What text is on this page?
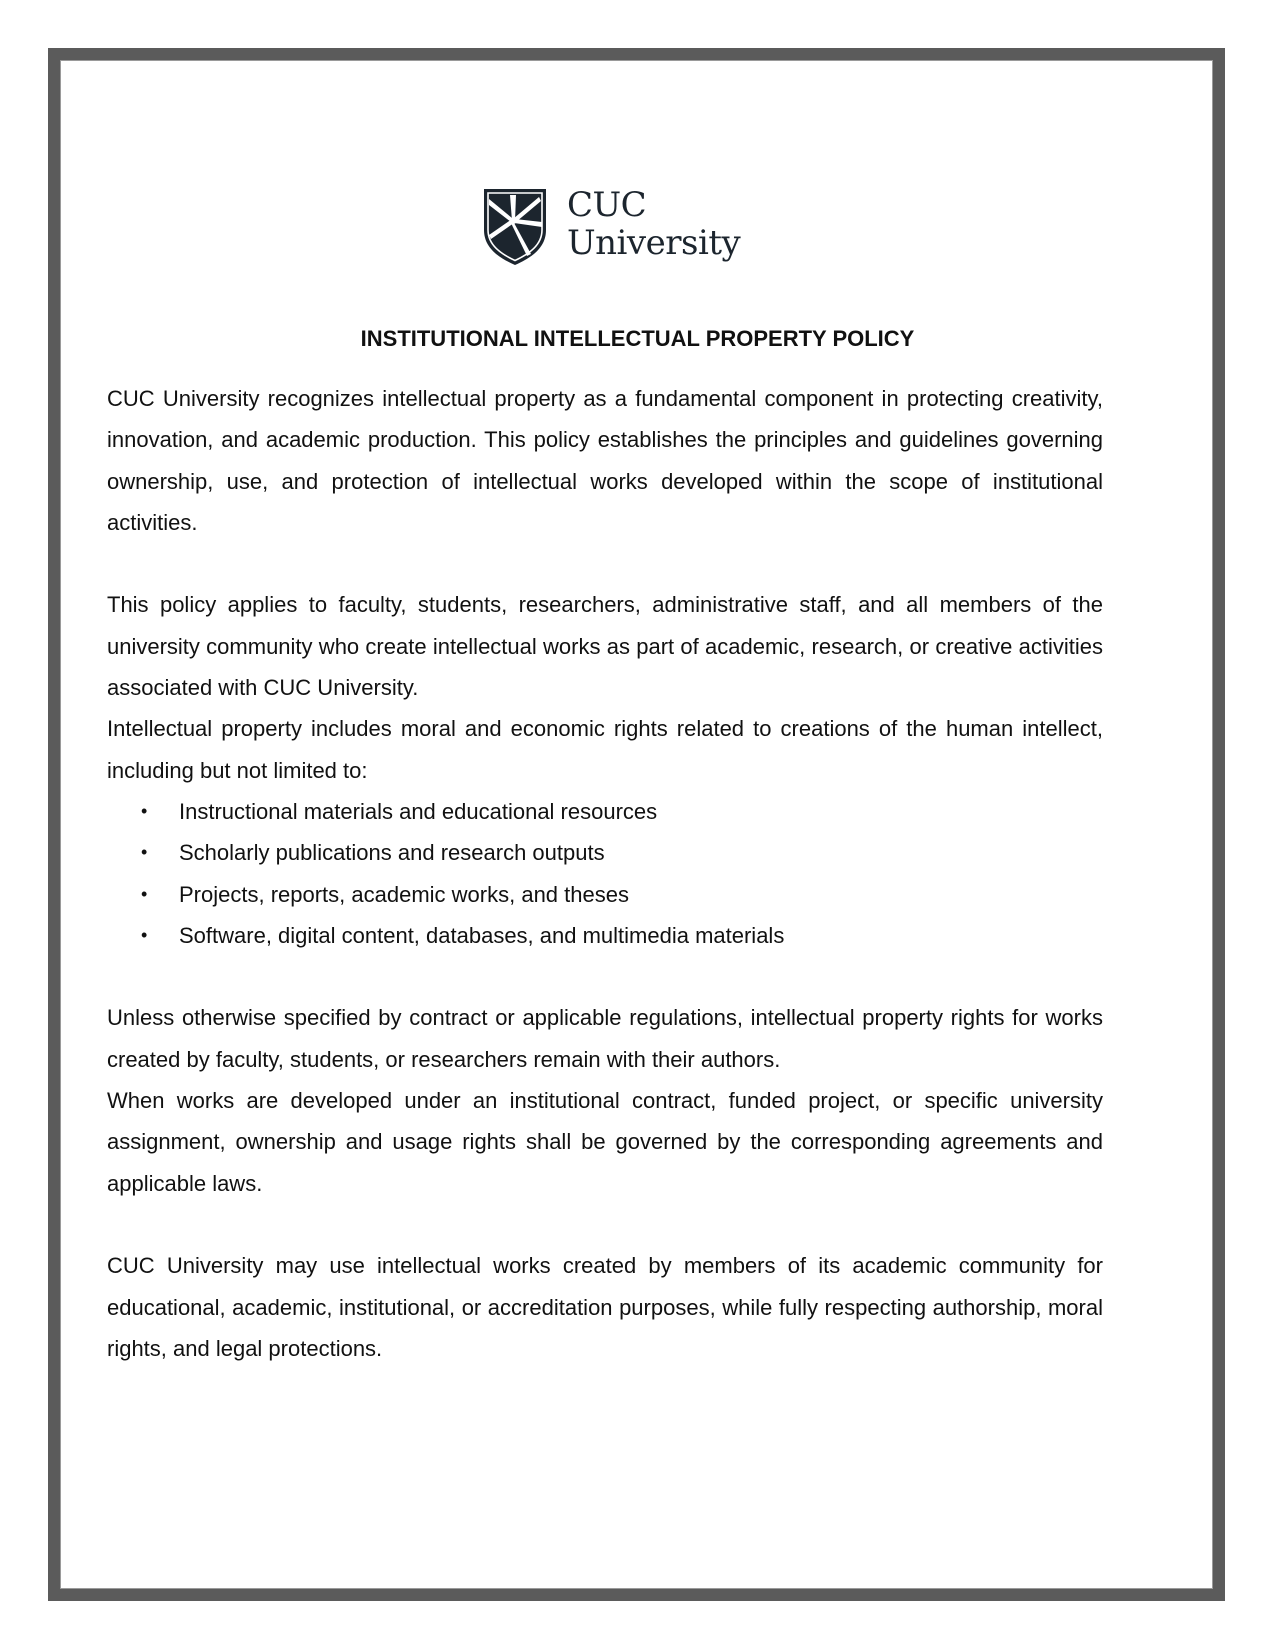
CUC
University
INSTITUTIONAL INTELLECTUAL PROPERTY POLICY

CUC University recognizes intellectual property as a fundamental component in protecting creativity, innovation, and academic production. This policy establishes the principles and guidelines governing ownership, use, and protection of intellectual works developed within the scope of institutional activities.

This policy applies to faculty, students, researchers, administrative staff, and all members of the university community who create intellectual works as part of academic, research, or creative activities associated with CUC University.

Intellectual property includes moral and economic rights related to creations of the human intellect, including but not limited to:

• Instructional materials and educational resources
• Scholarly publications and research outputs
• Projects, reports, academic works, and theses
• Software, digital content, databases, and multimedia materials

Unless otherwise specified by contract or applicable regulations, intellectual property rights for works created by faculty, students, or researchers remain with their authors.

When works are developed under an institutional contract, funded project, or specific university assignment, ownership and usage rights shall be governed by the corresponding agreements and applicable laws.

CUC University may use intellectual works created by members of its academic community for educational, academic, institutional, or accreditation purposes, while fully respecting authorship, moral rights, and legal protections.
